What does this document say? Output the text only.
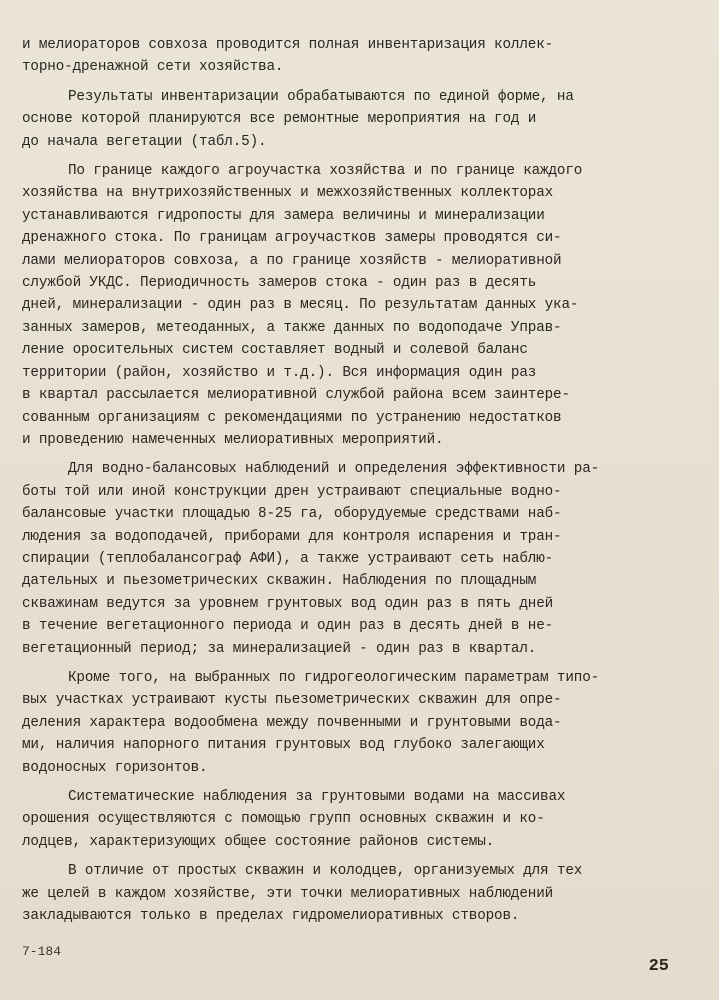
и мелиораторов совхоза проводится полная инвентаризация коллек-
торно-дренажной сети хозяйства.

Результаты инвентаризации обрабатываются по единой форме, на
основе которой планируются все ремонтные мероприятия на год и
до начала вегетации (табл.5).

По границе каждого агроучастка хозяйства и по границе каждого
хозяйства на внутрихозяйственных и межхозяйственных коллекторах
устанавливаются гидропосты для замера величины и минерализации
дренажного стока. По границам агроучастков замеры проводятся си-
лами мелиораторов совхоза, а по границе хозяйств - мелиоративной
службой УКДС. Периодичность замеров стока - один раз в десять
дней, минерализации - один раз в месяц. По результатам данных ука-
занных замеров, метеоданных, а также данных по водоподаче Управ-
ление оросительных систем составляет водный и солевой баланс
территории (район, хозяйство и т.д.). Вся информация один раз
в квартал рассылается мелиоративной службой района всем заинтере-
сованным организациям с рекомендациями по устранению недостатков
и проведению намеченных мелиоративных мероприятий.

Для водно-балансовых наблюдений и определения эффективности ра-
боты той или иной конструкции дрен устраивают специальные водно-
балансовые участки площадью 8-25 га, оборудуемые средствами наб-
людения за водоподачей, приборами для контроля испарения и тран-
спирации (теплобалансограф АФИ), а также устраивают сеть наблю-
дательных и пьезометрических скважин. Наблюдения по площадным
скважинам ведутся за уровнем грунтовых вод один раз в пять дней
в течение вегетационного периода и один раз в десять дней в не-
вегетационный период; за минерализацией - один раз в квартал.

Кроме того, на выбранных по гидрогеологическим параметрам типо-
вых участках устраивают кусты пьезометрических скважин для опре-
деления характера водообмена между почвенными и грунтовыми вода-
ми, наличия напорного питания грунтовых вод глубоко залегающих
водоносных горизонтов.

Систематические наблюдения за грунтовыми водами на массивах
орошения осуществляются с помощью групп основных скважин и ко-
лодцев, характеризующих общее состояние районов системы.

В отличие от простых скважин и колодцев, организуемых для тех
же целей в каждом хозяйстве, эти точки мелиоративных наблюдений
закладываются только в пределах гидромелиоративных створов.

7-184
25
